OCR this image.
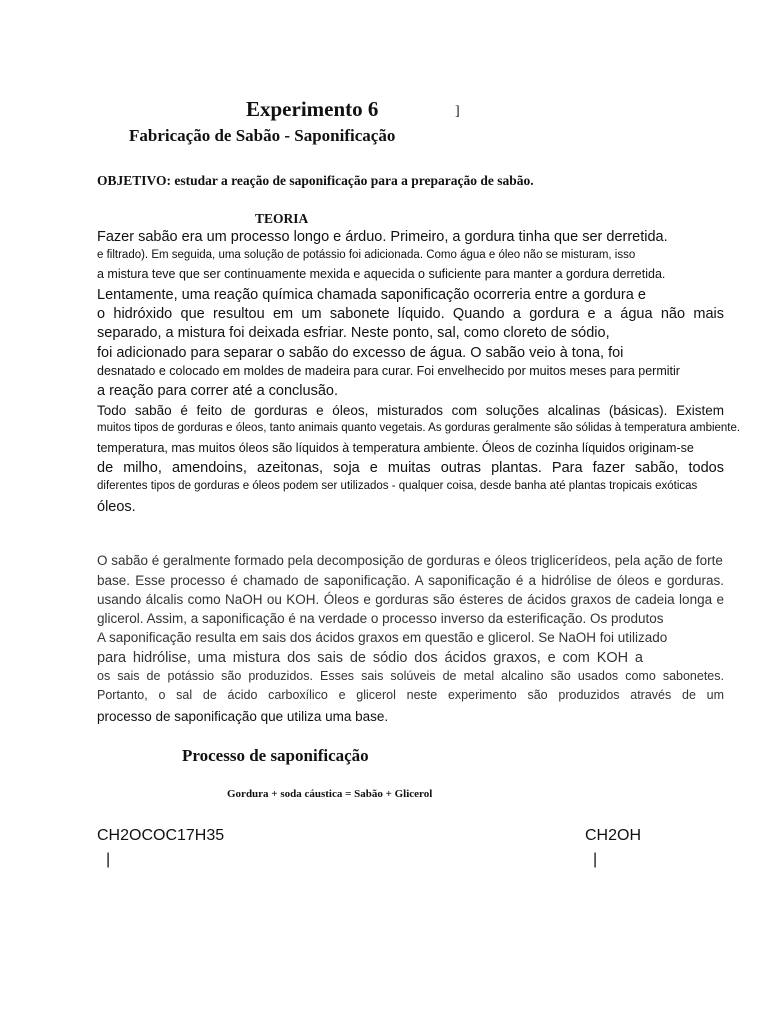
Experimento 6	]
Fabricação de Sabão - Saponificação
OBJETIVO: estudar a reação de saponificação para a preparação de sabão.
TEORIA
Fazer sabão era um processo longo e árduo. Primeiro, a gordura tinha que ser derretida.
e filtrado). Em seguida, uma solução de potássio foi adicionada. Como água e óleo não se misturam, isso
a mistura teve que ser continuamente mexida e aquecida o suficiente para manter a gordura derretida.
Lentamente, uma reação química chamada saponificação ocorreria entre a gordura e
o hidróxido que resultou em um sabonete líquido. Quando a gordura e a água não mais
separado, a mistura foi deixada esfriar. Neste ponto, sal, como cloreto de sódio,
foi adicionado para separar o sabão do excesso de água. O sabão veio à tona, foi
desnatado e colocado em moldes de madeira para curar. Foi envelhecido por muitos meses para permitir
a reação para correr até a conclusão.
Todo sabão é feito de gorduras e óleos, misturados com soluções alcalinas (básicas). Existem
muitos tipos de gorduras e óleos, tanto animais quanto vegetais. As gorduras geralmente são sólidas à temperatura ambiente.
temperatura, mas muitos óleos são líquidos à temperatura ambiente. Óleos de cozinha líquidos originam-se
de milho, amendoins, azeitonas, soja e muitas outras plantas. Para fazer sabão, todos
diferentes tipos de gorduras e óleos podem ser utilizados - qualquer coisa, desde banha até plantas tropicais exóticas
óleos.
O sabão é geralmente formado pela decomposição de gorduras e óleos triglicerídeos, pela ação de forte
base. Esse processo é chamado de saponificação. A saponificação é a hidrólise de óleos e gorduras.
usando álcalis como NaOH ou KOH. Óleos e gorduras são ésteres de ácidos graxos de cadeia longa e
glicerol. Assim, a saponificação é na verdade o processo inverso da esterificação. Os produtos
A saponificação resulta em sais dos ácidos graxos em questão e glicerol. Se NaOH foi utilizado
para hidrólise, uma mistura dos sais de sódio dos ácidos graxos, e com KOH a
os sais de potássio são produzidos. Esses sais solúveis de metal alcalino são usados como sabonetes.
Portanto, o sal de ácido carboxílico e glicerol neste experimento são produzidos através de um
processo de saponificação que utiliza uma base.
Processo de saponificação
Gordura + soda cáustica = Sabão + Glicerol
CH2OCOC17H35	CH2OH
|	|
